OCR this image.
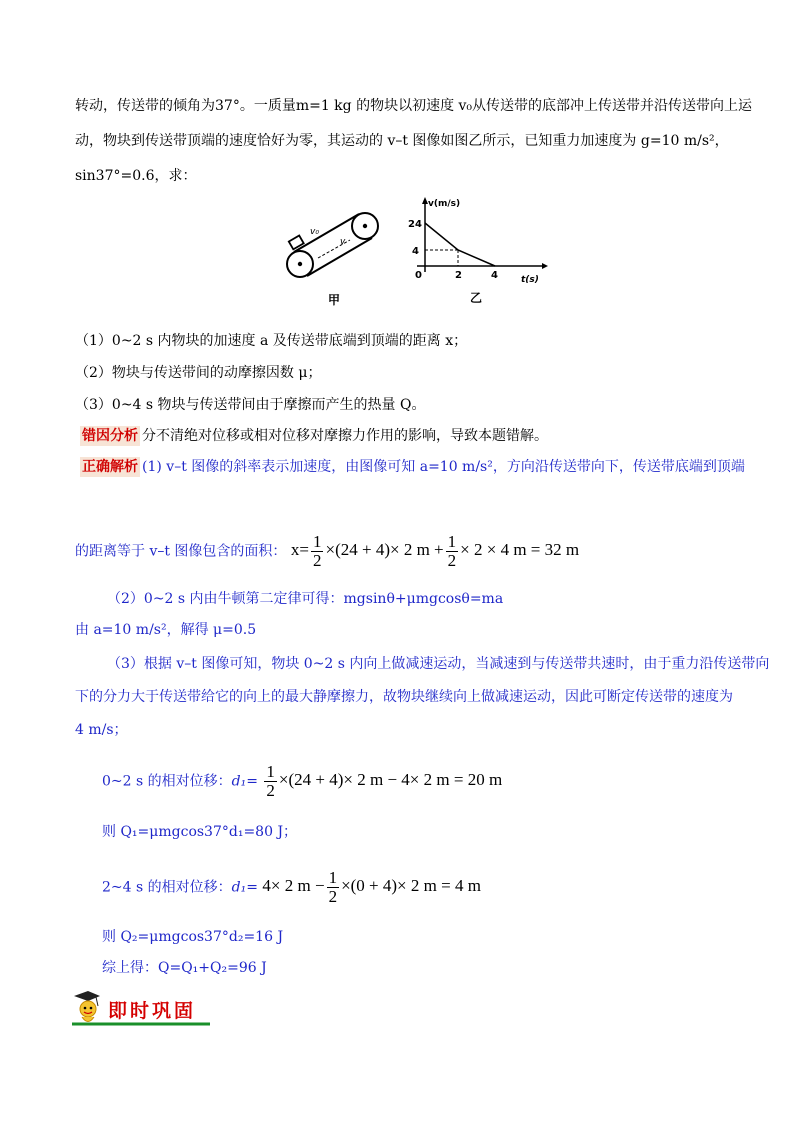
转动，传送带的倾角为37°。一质量m=1 kg 的物块以初速度 v₀从传送带的底部冲上传送带并沿传送带向上运
动，物块到传送带顶端的速度恰好为零，其运动的 v–t 图像如图乙所示，已知重力加速度为 g=10 m/s²，
sin37°=0.6，求：
v₀
v
甲
v(m/s)
t(s)
24
4
0	2	4
乙
（1）0~2 s 内物块的加速度 a 及传送带底端到顶端的距离 x；
（2）物块与传送带间的动摩擦因数 μ；
（3）0~4 s 物块与传送带间由于摩擦而产生的热量 Q。
错因分析 分不清绝对位移或相对位移对摩擦力作用的影响，导致本题错解。
正确解析 (1) v–t 图像的斜率表示加速度，由图像可知 a=10 m/s²，方向沿传送带向下，传送带底端到顶端
的距离等于 v–t 图像包含的面积： $x= \frac{1}{2} \times(24 + 4)\times 2$ $m + \frac{1}{2} \times 2 \times 4$ m = 32 m
（2）0~2 s 内由牛顿第二定律可得：mgsinθ+μmgcosθ=ma
由 a=10 m/s²，解得 μ=0.5
（3）根据 v–t 图像可知，物块 0~2 s 内向上做减速运动，当减速到与传送带共速时，由于重力沿传送带向
下的分力大于传送带给它的向上的最大静摩擦力，故物块继续向上做减速运动，因此可断定传送带的速度为
4 m/s；
0~2 s 的相对位移：$d_1= \frac{1}{2} \times(24 + 4)\times 2$ m − 4× 2 m = 20 m
则 Q₁=μmgcos37°d₁=80 J；
2~4 s 的相对位移：d₁= 4× 2 $m - \frac{1}{2} \times(0 + 4)\times 2$ m = 4 m
则 Q₂=μmgcos37°d₂=16 J
综上得：Q=Q₁+Q₂=96 J
即时巩固
